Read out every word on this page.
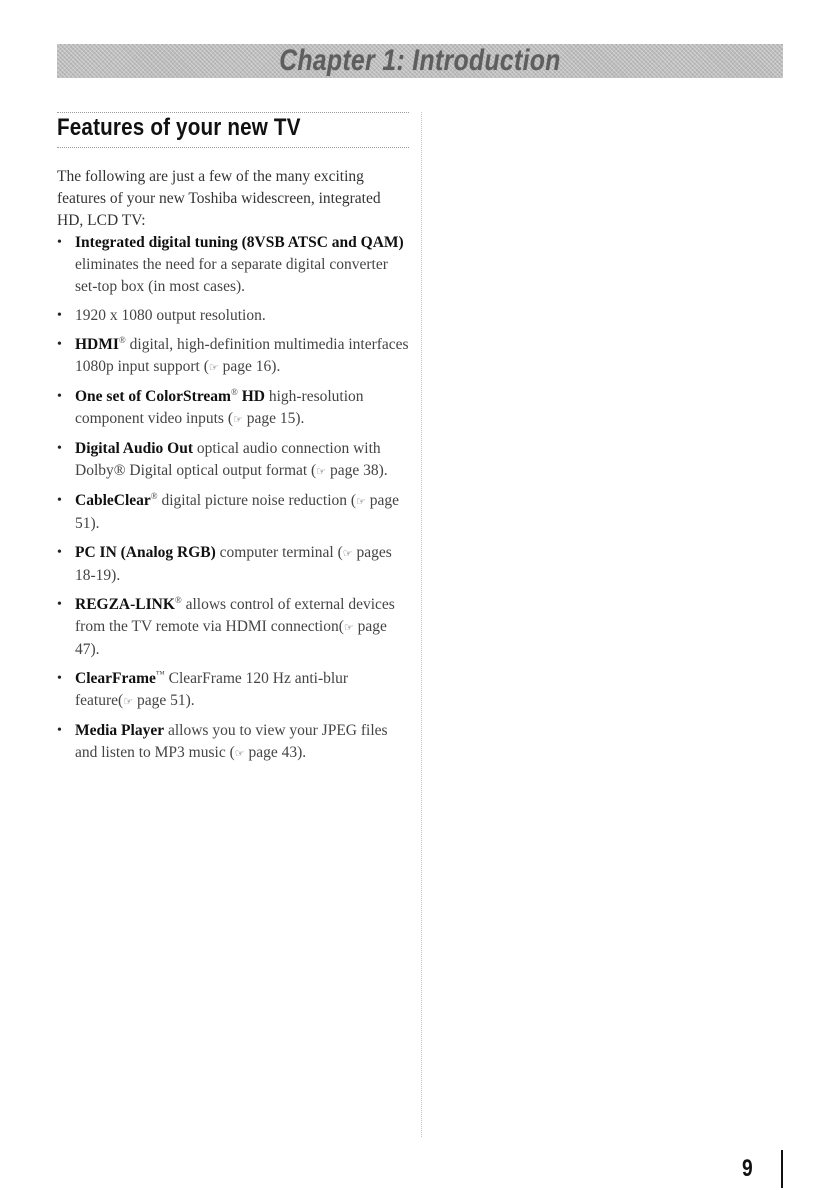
Chapter 1: Introduction
Features of your new TV

The following are just a few of the many exciting features of your new Toshiba widescreen, integrated HD, LCD TV:

• Integrated digital tuning (8VSB ATSC and QAM) eliminates the need for a separate digital converter set-top box (in most cases).
• 1920 x 1080 output resolution.
• HDMI® digital, high-definition multimedia interfaces 1080p input support (☞ page 16).
• One set of ColorStream® HD high-resolution component video inputs (☞ page 15).
• Digital Audio Out optical audio connection with Dolby® Digital optical output format (☞ page 38).
• CableClear® digital picture noise reduction (☞ page 51).
• PC IN (Analog RGB) computer terminal (☞ pages 18-19).
• REGZA-LINK® allows control of external devices from the TV remote via HDMI connection(☞ page 47).
• ClearFrame™ ClearFrame 120 Hz anti-blur feature(☞ page 51).
• Media Player allows you to view your JPEG files and listen to MP3 music (☞ page 43).
9
